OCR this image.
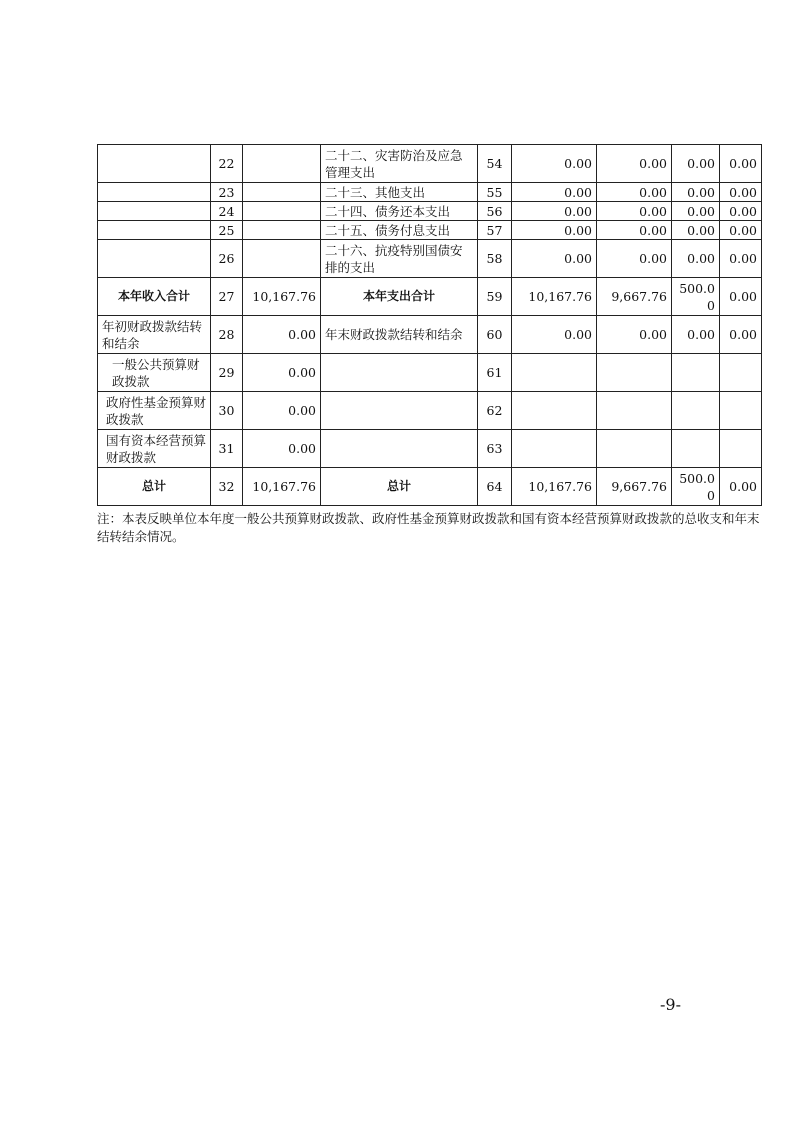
	22		二十二、灾害防治及应急管理支出	54	0.00	0.00	0.00	0.00
	23		二十三、其他支出	55	0.00	0.00	0.00	0.00
	24		二十四、债务还本支出	56	0.00	0.00	0.00	0.00
	25		二十五、债务付息支出	57	0.00	0.00	0.00	0.00
	26		二十六、抗疫特别国债安排的支出	58	0.00	0.00	0.00	0.00
本年收入合计	27	10,167.76	本年支出合计	59	10,167.76	9,667.76	500.00	0.00
年初财政拨款结转和结余	28	0.00	年末财政拨款结转和结余	60	0.00	0.00	0.00	0.00
一般公共预算财政拨款	29	0.00		61				
政府性基金预算财政拨款	30	0.00		62				
国有资本经营预算财政拨款	31	0.00		63				
总计	32	10,167.76	总计	64	10,167.76	9,667.76	500.00	0.00

注：本表反映单位本年度一般公共预算财政拨款、政府性基金预算财政拨款和国有资本经营预算财政拨款的总收支和年末结转结余情况。

-9-
